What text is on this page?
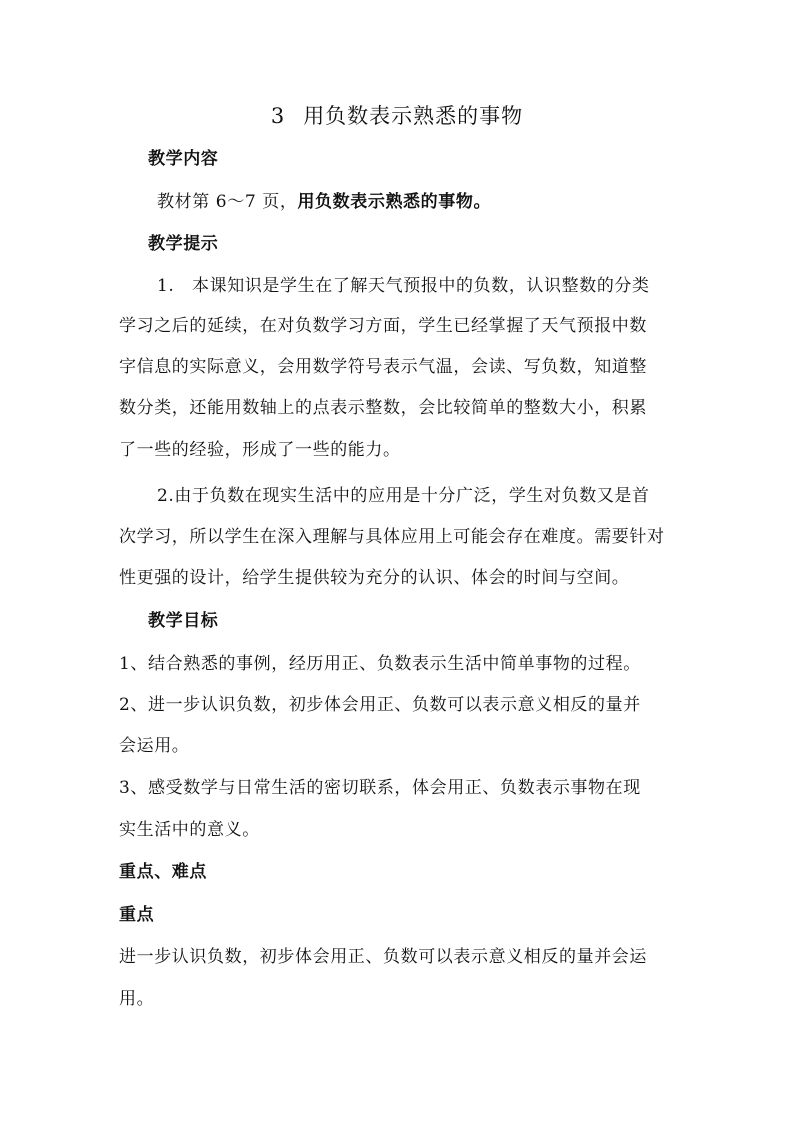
3 用负数表示熟悉的事物
教学内容
教材第 6～7 页，用负数表示熟悉的事物。
教学提示
1.　本课知识是学生在了解天气预报中的负数，认识整数的分类
学习之后的延续，在对负数学习方面，学生已经掌握了天气预报中数
字信息的实际意义，会用数学符号表示气温，会读、写负数，知道整
数分类，还能用数轴上的点表示整数，会比较简单的整数大小，积累
了一些的经验，形成了一些的能力。
2.由于负数在现实生活中的应用是十分广泛，学生对负数又是首
次学习，所以学生在深入理解与具体应用上可能会存在难度。需要针对
性更强的设计，给学生提供较为充分的认识、体会的时间与空间。
教学目标
1、结合熟悉的事例，经历用正、负数表示生活中简单事物的过程。
2、进一步认识负数，初步体会用正、负数可以表示意义相反的量并
会运用。
3、感受数学与日常生活的密切联系，体会用正、负数表示事物在现
实生活中的意义。
重点、难点
重点
进一步认识负数，初步体会用正、负数可以表示意义相反的量并会运
用。
